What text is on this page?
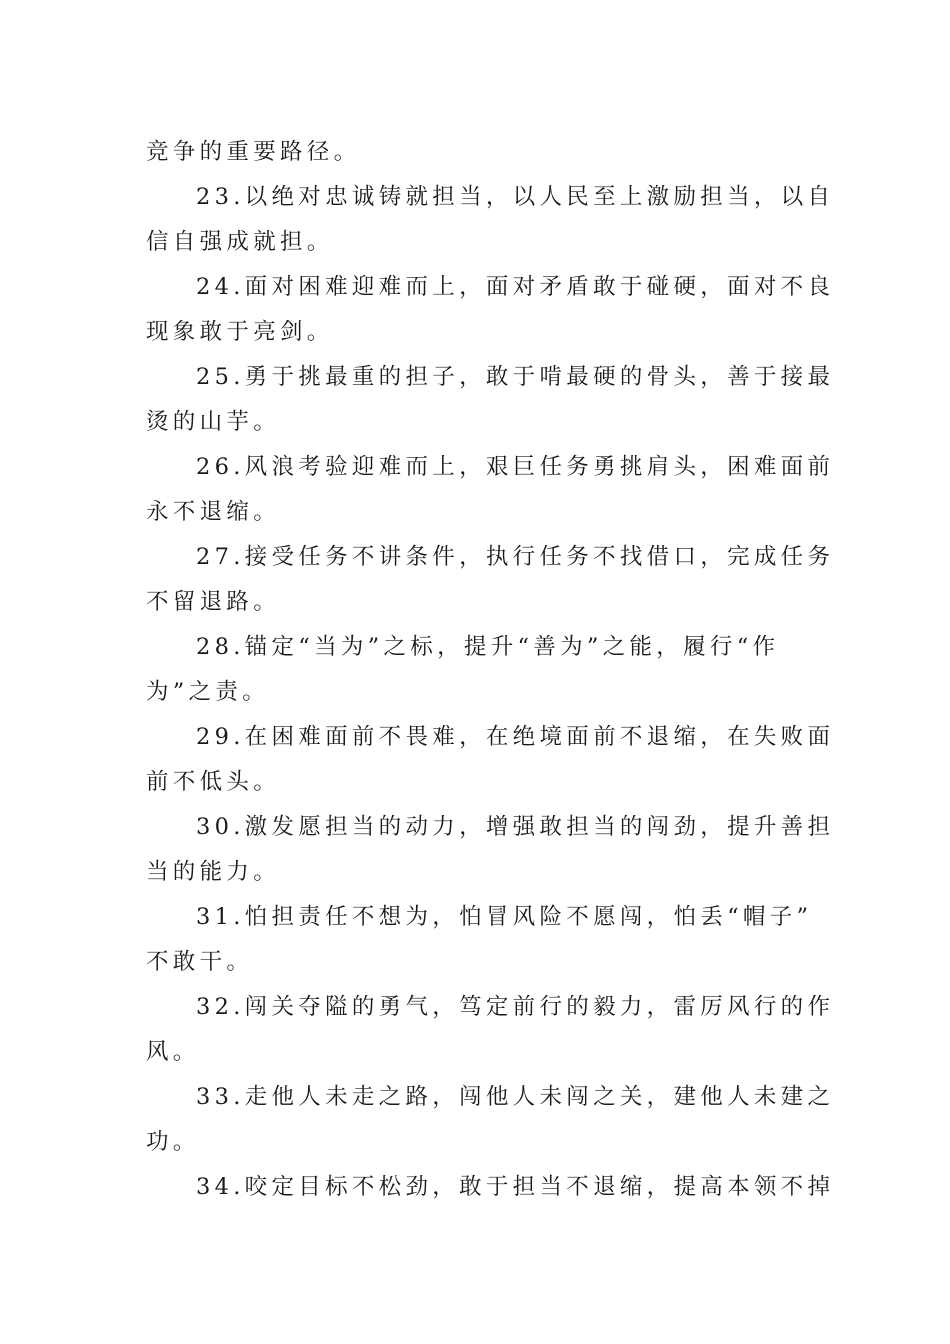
竞争的重要路径。
23.以绝对忠诚铸就担当，以人民至上激励担当，以自
信自强成就担。
24.面对困难迎难而上，面对矛盾敢于碰硬，面对不良
现象敢于亮剑。
25.勇于挑最重的担子，敢于啃最硬的骨头，善于接最
烫的山芋。
26.风浪考验迎难而上，艰巨任务勇挑肩头，困难面前
永不退缩。
27.接受任务不讲条件，执行任务不找借口，完成任务
不留退路。
28.锚定“当为”之标，提升“善为”之能，履行“作
为”之责。
29.在困难面前不畏难，在绝境面前不退缩，在失败面
前不低头。
30.激发愿担当的动力，增强敢担当的闯劲，提升善担
当的能力。
31.怕担责任不想为，怕冒风险不愿闯，怕丢“帽子”
不敢干。
32.闯关夺隘的勇气，笃定前行的毅力，雷厉风行的作
风。
33.走他人未走之路，闯他人未闯之关，建他人未建之
功。
34.咬定目标不松劲，敢于担当不退缩，提高本领不掉
